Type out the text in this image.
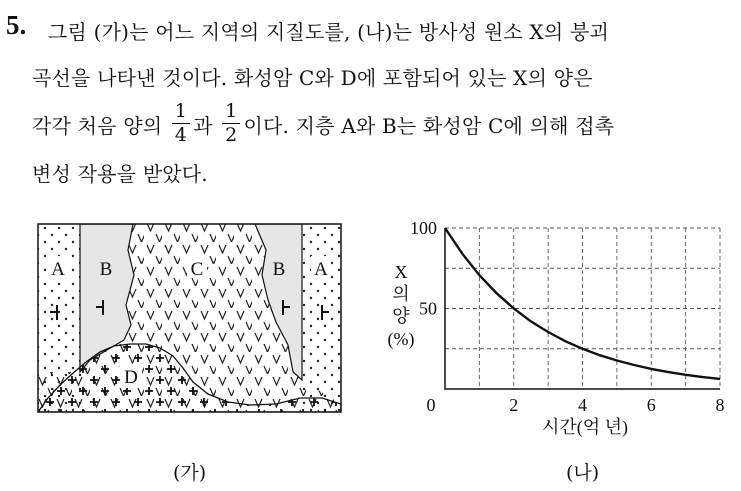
5. 그림 (가)는 어느 지역의 지질도를, (나)는 방사성 원소 X의 붕괴
곡선을 나타낸 것이다. 화성암 C와 D에 포함되어 있는 X의 양은
각각 처음 양의 $\frac{1}{4}$ 과 $\frac{1}{2}$ 이다. 지층 A와 B는 화성암 C에 의해 접촉
변성 작용을 받았다.
A B	C	B A
D
2	4	6	8
0
50
100
X
의
양
(%)
시간(억 년)
(가)	(나)
